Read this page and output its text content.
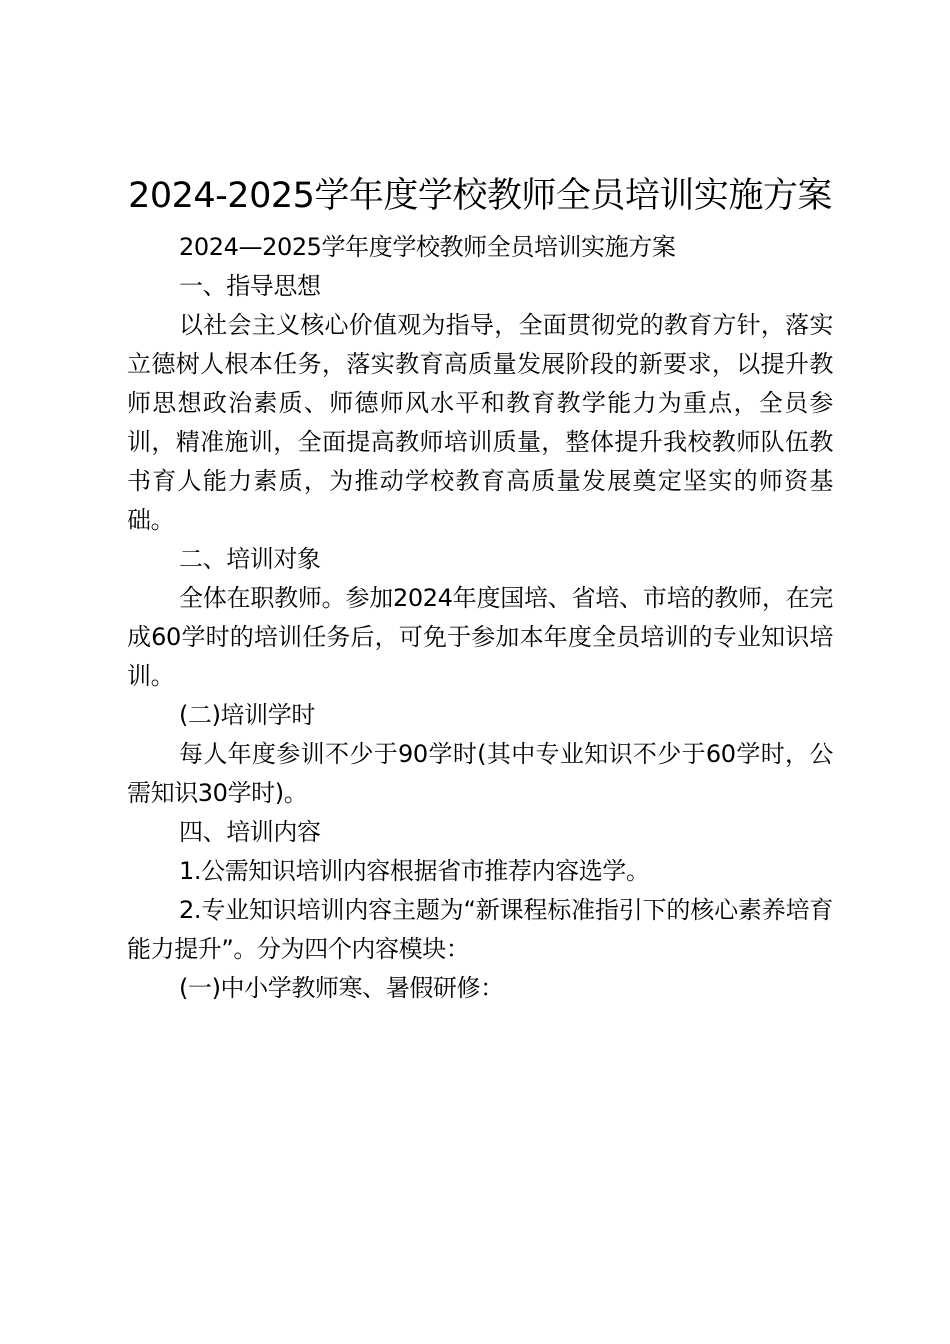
2024-2025学年度学校教师全员培训实施方案

2024—2025学年度学校教师全员培训实施方案

一、指导思想

以社会主义核心价值观为指导，全面贯彻党的教育方针，落实立德树人根本任务，落实教育高质量发展阶段的新要求，以提升教师思想政治素质、师德师风水平和教育教学能力为重点，全员参训，精准施训，全面提高教师培训质量，整体提升我校教师队伍教书育人能力素质，为推动学校教育高质量发展奠定坚实的师资基础。

二、培训对象

全体在职教师。参加2024年度国培、省培、市培的教师，在完成60学时的培训任务后，可免于参加本年度全员培训的专业知识培训。

(二)培训学时

每人年度参训不少于90学时(其中专业知识不少于60学时，公需知识30学时)。

四、培训内容

1.公需知识培训内容根据省市推荐内容选学。

2.专业知识培训内容主题为“新课程标准指引下的核心素养培育能力提升”。分为四个内容模块：

(一)中小学教师寒、暑假研修：
